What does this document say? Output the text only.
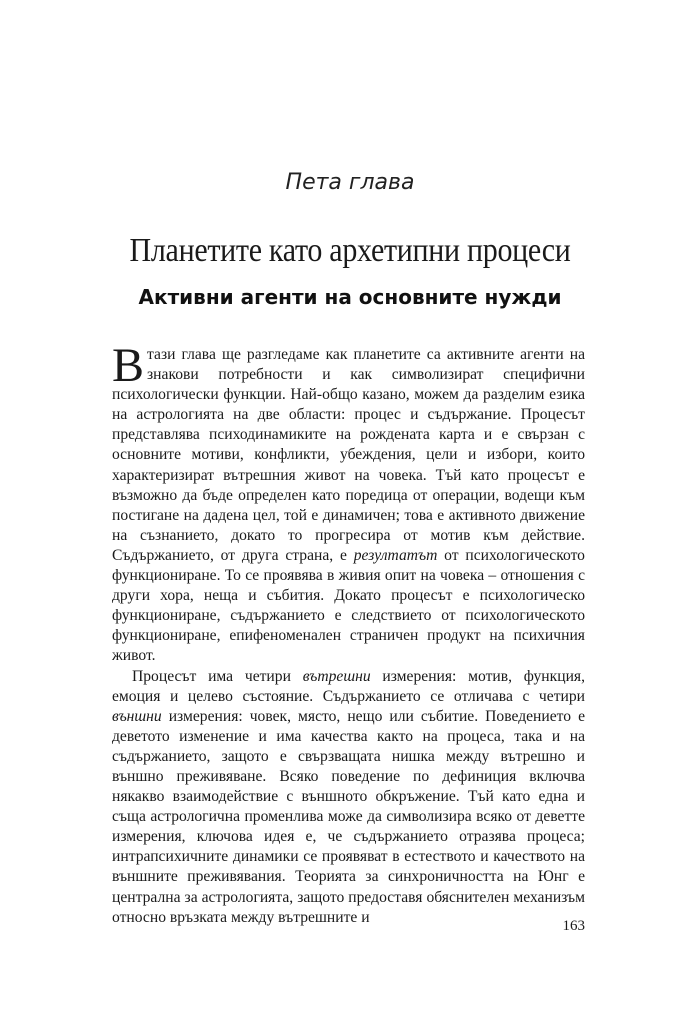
Пета глава
Планетите като архетипни процеси
Активни агенти на основните нужди

В тази глава ще разгледаме как планетите са активните агенти на знакови потребности и как символизират специфични психологически функции. Най-общо казано, можем да разделим езика на астрологията на две области: процес и съдържание. Процесът представлява психодинамиките на рождената карта и е свързан с основните мотиви, конфликти, убеждения, цели и избори, които характеризират вътрешния живот на човека. Тъй като процесът е възможно да бъде определен като поредица от операции, водещи към постигане на дадена цел, той е динамичен; това е активното движение на съзнанието, докато то прогресира от мотив към действие. Съдържанието, от друга страна, е резултатът от психологическото функциониране. То се проявява в живия опит на човека – отношения с други хора, неща и събития. Докато процесът е психологическо функциониране, съдържанието е следствието от психологическото функциониране, епифеноменален страничен продукт на психичния живот.

Процесът има четири вътрешни измерения: мотив, функция, емоция и целево състояние. Съдържанието се отличава с четири външни измерения: човек, място, нещо или събитие. Поведението е деветото изменение и има качества както на процеса, така и на съдържанието, защото е свързващата нишка между вътрешно и външно преживяване. Всяко поведение по дефиниция включва някакво взаимодействие с външното обкръжение. Тъй като една и съща астрологична променлива може да символизира всяко от деветте измерения, ключова идея е, че съдържанието отразява процеса; интрапсихичните динамики се проявяват в естеството и качеството на външните преживявания. Теорията за синхроничността на Юнг е централна за астрологията, защото предоставя обяснителен механизъм относно връзката между вътрешните и

163
